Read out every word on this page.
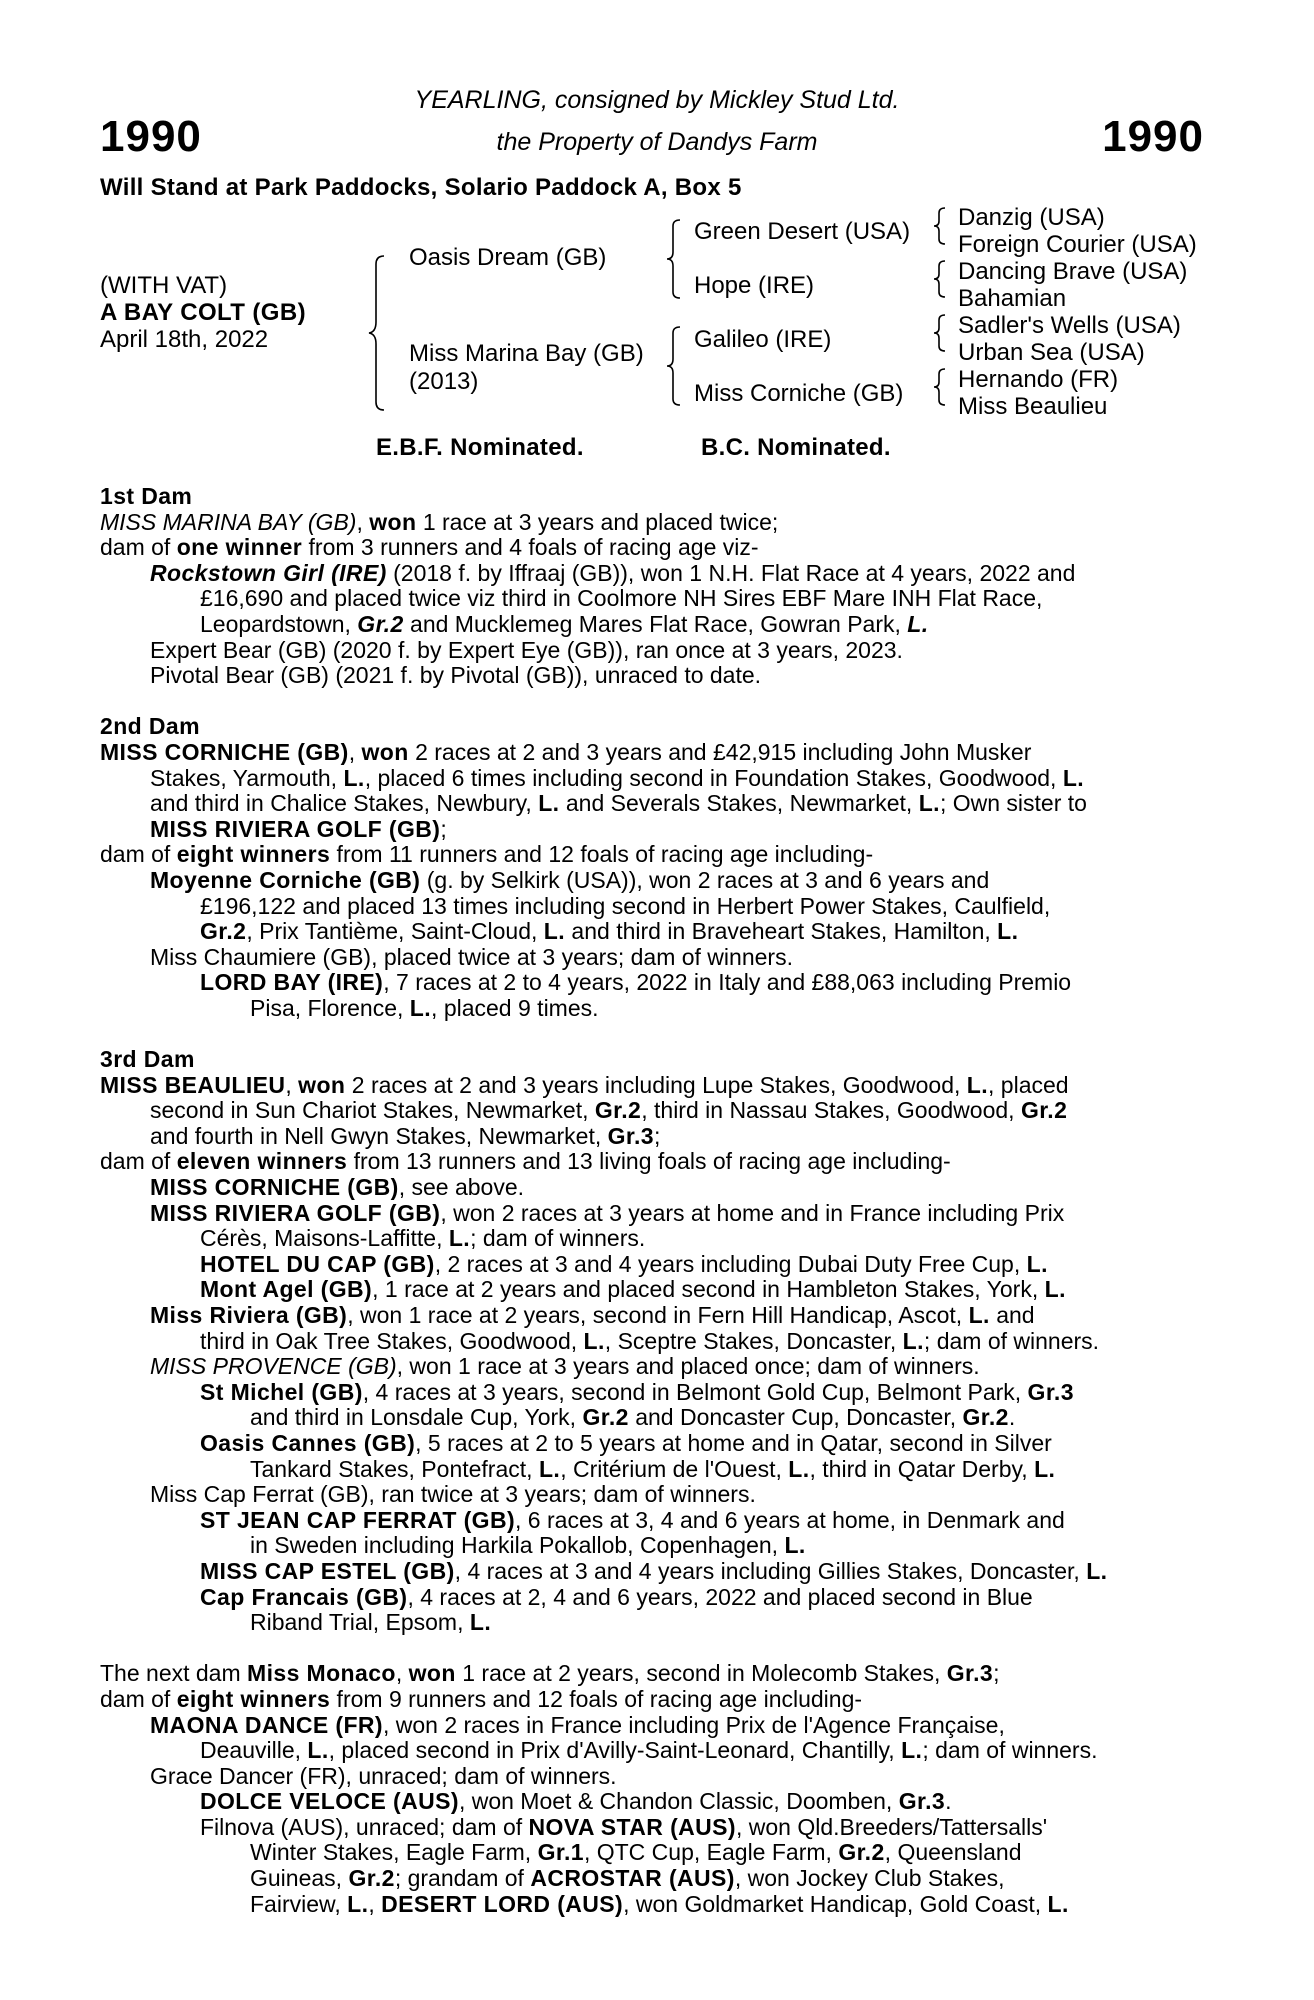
1990	1990
YEARLING, consigned by Mickley Stud Ltd.
the Property of Dandys Farm
Will Stand at Park Paddocks, Solario Paddock A, Box 5
(WITH VAT)
A BAY COLT (GB)
April 18th, 2022
Oasis Dream (GB)
Miss Marina Bay (GB)
(2013)
Green Desert (USA)
Hope (IRE)
Galileo (IRE)
Miss Corniche (GB)
Danzig (USA)
Foreign Courier (USA)
Dancing Brave (USA)
Bahamian
Sadler's Wells (USA)
Urban Sea (USA)
Hernando (FR)
Miss Beaulieu
E.B.F. Nominated.	B.C. Nominated.
1st Dam
MISS MARINA BAY (GB), won 1 race at 3 years and placed twice;
dam of one winner from 3 runners and 4 foals of racing age viz-
Rockstown Girl (IRE) (2018 f. by Iffraaj (GB)), won 1 N.H. Flat Race at 4 years, 2022 and
£16,690 and placed twice viz third in Coolmore NH Sires EBF Mare INH Flat Race,
Leopardstown, Gr.2 and Mucklemeg Mares Flat Race, Gowran Park, L.
Expert Bear (GB) (2020 f. by Expert Eye (GB)), ran once at 3 years, 2023.
Pivotal Bear (GB) (2021 f. by Pivotal (GB)), unraced to date.
2nd Dam
MISS CORNICHE (GB), won 2 races at 2 and 3 years and £42,915 including John Musker
Stakes, Yarmouth, L., placed 6 times including second in Foundation Stakes, Goodwood, L.
and third in Chalice Stakes, Newbury, L. and Severals Stakes, Newmarket, L.; Own sister to
MISS RIVIERA GOLF (GB);
dam of eight winners from 11 runners and 12 foals of racing age including-
Moyenne Corniche (GB) (g. by Selkirk (USA)), won 2 races at 3 and 6 years and
£196,122 and placed 13 times including second in Herbert Power Stakes, Caulfield,
Gr.2, Prix Tantième, Saint-Cloud, L. and third in Braveheart Stakes, Hamilton, L.
Miss Chaumiere (GB), placed twice at 3 years; dam of winners.
LORD BAY (IRE), 7 races at 2 to 4 years, 2022 in Italy and £88,063 including Premio
Pisa, Florence, L., placed 9 times.
3rd Dam
MISS BEAULIEU, won 2 races at 2 and 3 years including Lupe Stakes, Goodwood, L., placed
second in Sun Chariot Stakes, Newmarket, Gr.2, third in Nassau Stakes, Goodwood, Gr.2
and fourth in Nell Gwyn Stakes, Newmarket, Gr.3;
dam of eleven winners from 13 runners and 13 living foals of racing age including-
MISS CORNICHE (GB), see above.
MISS RIVIERA GOLF (GB), won 2 races at 3 years at home and in France including Prix
Cérès, Maisons-Laffitte, L.; dam of winners.
HOTEL DU CAP (GB), 2 races at 3 and 4 years including Dubai Duty Free Cup, L.
Mont Agel (GB), 1 race at 2 years and placed second in Hambleton Stakes, York, L.
Miss Riviera (GB), won 1 race at 2 years, second in Fern Hill Handicap, Ascot, L. and
third in Oak Tree Stakes, Goodwood, L., Sceptre Stakes, Doncaster, L.; dam of winners.
MISS PROVENCE (GB), won 1 race at 3 years and placed once; dam of winners.
St Michel (GB), 4 races at 3 years, second in Belmont Gold Cup, Belmont Park, Gr.3
and third in Lonsdale Cup, York, Gr.2 and Doncaster Cup, Doncaster, Gr.2.
Oasis Cannes (GB), 5 races at 2 to 5 years at home and in Qatar, second in Silver
Tankard Stakes, Pontefract, L., Critérium de l'Ouest, L., third in Qatar Derby, L.
Miss Cap Ferrat (GB), ran twice at 3 years; dam of winners.
ST JEAN CAP FERRAT (GB), 6 races at 3, 4 and 6 years at home, in Denmark and
in Sweden including Harkila Pokallob, Copenhagen, L.
MISS CAP ESTEL (GB), 4 races at 3 and 4 years including Gillies Stakes, Doncaster, L.
Cap Francais (GB), 4 races at 2, 4 and 6 years, 2022 and placed second in Blue
Riband Trial, Epsom, L.
The next dam Miss Monaco, won 1 race at 2 years, second in Molecomb Stakes, Gr.3;
dam of eight winners from 9 runners and 12 foals of racing age including-
MAONA DANCE (FR), won 2 races in France including Prix de l'Agence Française,
Deauville, L., placed second in Prix d'Avilly-Saint-Leonard, Chantilly, L.; dam of winners.
Grace Dancer (FR), unraced; dam of winners.
DOLCE VELOCE (AUS), won Moet & Chandon Classic, Doomben, Gr.3.
Filnova (AUS), unraced; dam of NOVA STAR (AUS), won Qld.Breeders/Tattersalls'
Winter Stakes, Eagle Farm, Gr.1, QTC Cup, Eagle Farm, Gr.2, Queensland
Guineas, Gr.2; grandam of ACROSTAR (AUS), won Jockey Club Stakes,
Fairview, L., DESERT LORD (AUS), won Goldmarket Handicap, Gold Coast, L.
